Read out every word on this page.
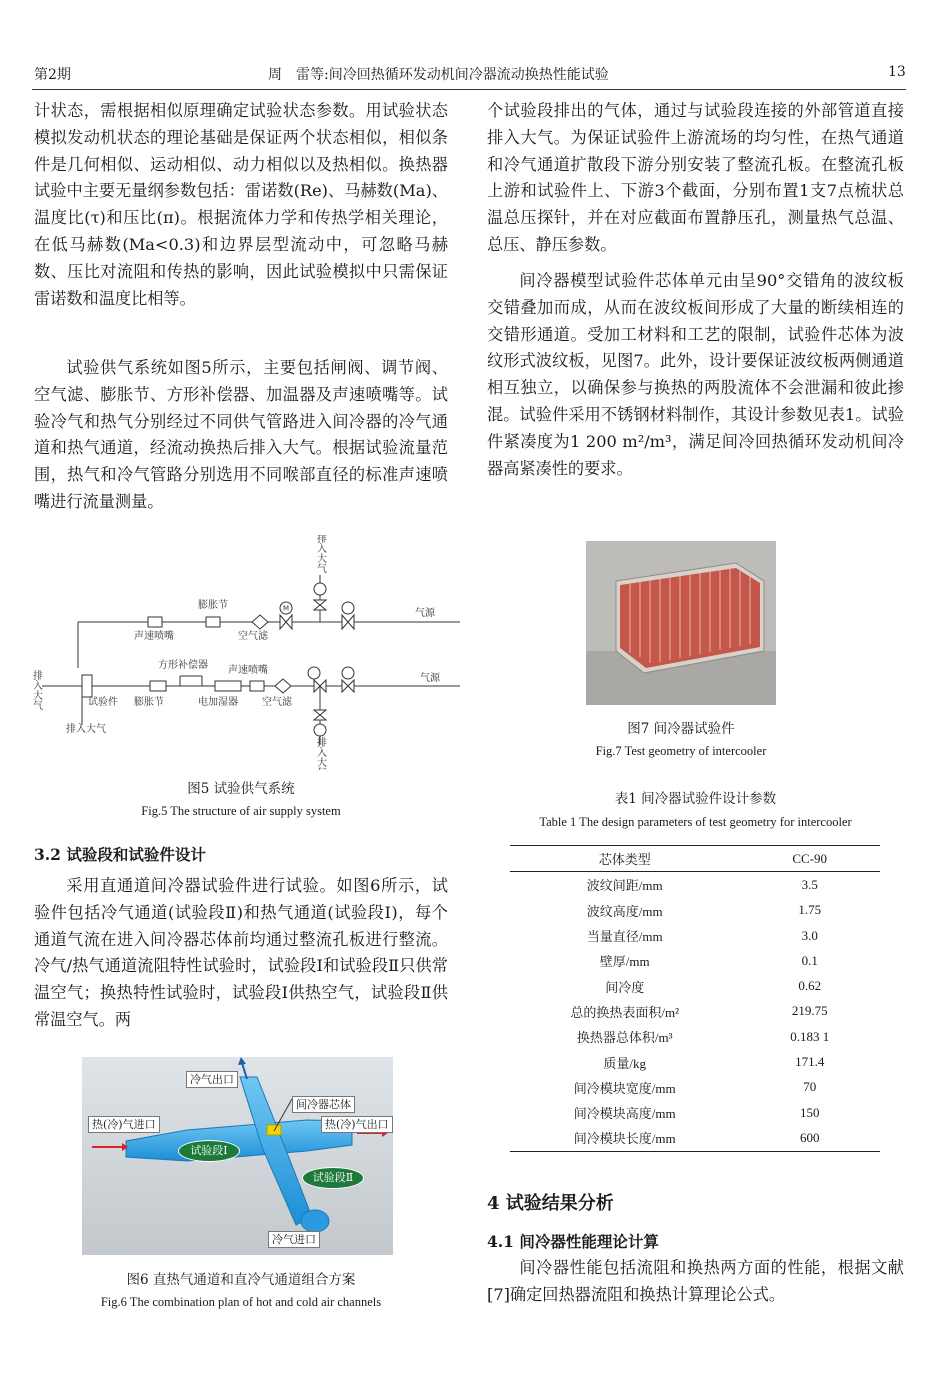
第2期	周　雷等:间冷回热循环发动机间冷器流动换热性能试验	13
计状态，需根据相似原理确定试验状态参数。用试验状态模拟发动机状态的理论基础是保证两个状态相似，相似条件是几何相似、运动相似、动力相似以及热相似。换热器试验中主要无量纲参数包括：雷诺数(Re)、马赫数(Ma)、温度比(τ)和压比(π)。根据流体力学和传热学相关理论，在低马赫数(Ma<0.3)和边界层型流动中，可忽略马赫数、压比对流阻和传热的影响，因此试验模拟中只需保证雷诺数和温度比相等。
试验供气系统如图5所示，主要包括闸阀、调节阀、空气滤、膨胀节、方形补偿器、加温器及声速喷嘴等。试验冷气和热气分别经过不同供气管路进入间冷器的冷气通道和热气通道，经流动换热后排入大气。根据试验流量范围，热气和冷气管路分别选用不同喉部直径的标准声速喷嘴进行流量测量。
M
排入大气
膨胀节
气源
声速喷嘴	空气滤
排入大气
方形补偿器 声速喷嘴
气源
试验件 膨胀节	电加湿器 空气滤
排入大气
排入大气
图5 试验供气系统
Fig.5 The structure of air supply system
3.2 试验段和试验件设计
采用直通道间冷器试验件进行试验。如图6所示，试验件包括冷气通道(试验段Ⅱ)和热气通道(试验段Ⅰ)，每个通道气流在进入间冷器芯体前均通过整流孔板进行整流。冷气/热气通道流阻特性试验时，试验段Ⅰ和试验段Ⅱ只供常温空气；换热特性试验时，试验段Ⅰ供热空气，试验段Ⅱ供常温空气。两
冷气出口
间冷器芯体
热(冷)气进口	热(冷)气出口
试验段Ⅰ
试验段Ⅱ
冷气进口
图6 直热气通道和直冷气通道组合方案
Fig.6 The combination plan of hot and cold air channels
个试验段排出的气体，通过与试验段连接的外部管道直接排入大气。为保证试验件上游流场的均匀性，在热气通道和冷气通道扩散段下游分别安装了整流孔板。在整流孔板上游和试验件上、下游3个截面，分别布置1支7点梳状总温总压探针，并在对应截面布置静压孔，测量热气总温、总压、静压参数。
间冷器模型试验件芯体单元由呈90°交错角的波纹板交错叠加而成，从而在波纹板间形成了大量的断续相连的交错形通道。受加工材料和工艺的限制，试验件芯体为波纹形式波纹板，见图7。此外，设计要保证波纹板两侧通道相互独立，以确保参与换热的两股流体不会泄漏和彼此掺混。试验件采用不锈钢材料制作，其设计参数见表1。试验件紧凑度为1 200 m²/m³，满足间冷回热循环发动机间冷器高紧凑性的要求。
图7 间冷器试验件
Fig.7 Test geometry of intercooler
表1 间冷器试验件设计参数
Table 1 The design parameters of test geometry for intercooler
芯体类型	CC-90
波纹间距/mm	3.5
波纹高度/mm	1.75
当量直径/mm	3.0
壁厚/mm	0.1
间冷度	0.62
总的换热表面积/m²	219.75
换热器总体积/m³	0.183 1
质量/kg	171.4
间冷模块宽度/mm	70
间冷模块高度/mm	150
间冷模块长度/mm	600
4 试验结果分析
4.1 间冷器性能理论计算
间冷器性能包括流阻和换热两方面的性能，根据文献[7]确定回热器流阻和换热计算理论公式。
